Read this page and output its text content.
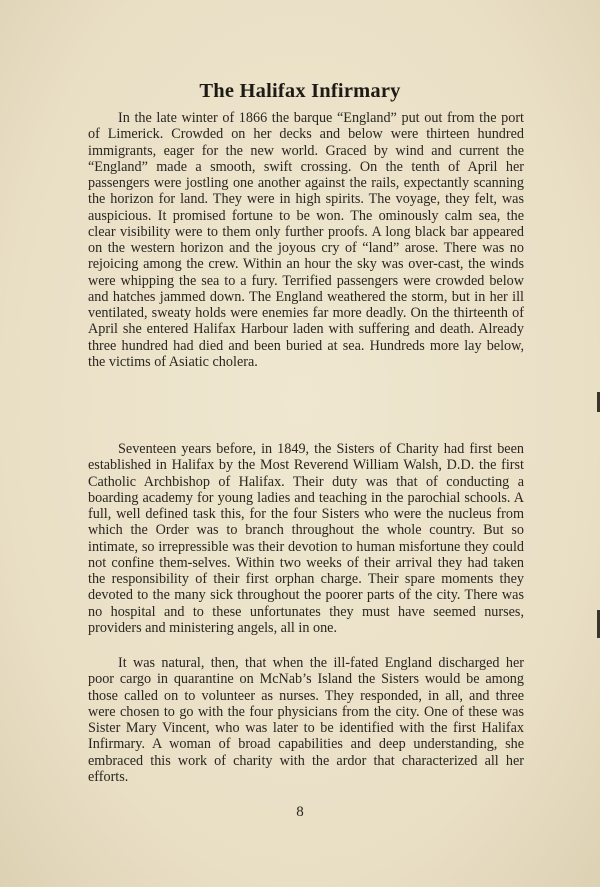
The Halifax Infirmary

In the late winter of 1866 the barque “England” put out from the port of Limerick. Crowded on her decks and below were thirteen hundred immigrants, eager for the new world. Graced by wind and current the “England” made a smooth, swift crossing. On the tenth of April her passengers were jostling one another against the rails, expectantly scanning the horizon for land. They were in high spirits. The voyage, they felt, was auspicious. It promised fortune to be won. The ominously calm sea, the clear visibility were to them only further proofs. A long black bar appeared on the western horizon and the joyous cry of “land” arose. There was no rejoicing among the crew. Within an hour the sky was over-cast, the winds were whipping the sea to a fury. Terrified passengers were crowded below and hatches jammed down. The England weathered the storm, but in her ill ventilated, sweaty holds were enemies far more deadly. On the thirteenth of April she entered Halifax Harbour laden with suffering and death. Already three hundred had died and been buried at sea. Hundreds more lay below, the victims of Asiatic cholera.

Seventeen years before, in 1849, the Sisters of Charity had first been established in Halifax by the Most Reverend William Walsh, D.D. the first Catholic Archbishop of Halifax. Their duty was that of conducting a boarding academy for young ladies and teaching in the parochial schools. A full, well defined task this, for the four Sisters who were the nucleus from which the Order was to branch throughout the whole country. But so intimate, so irrepressible was their devotion to human misfortune they could not confine them-selves. Within two weeks of their arrival they had taken the responsibility of their first orphan charge. Their spare moments they devoted to the many sick throughout the poorer parts of the city. There was no hospital and to these unfortunates they must have seemed nurses, providers and ministering angels, all in one.

It was natural, then, that when the ill-fated England discharged her poor cargo in quarantine on McNab’s Island the Sisters would be among those called on to volunteer as nurses. They responded, in all, and three were chosen to go with the four physicians from the city. One of these was Sister Mary Vincent, who was later to be identified with the first Halifax Infirmary. A woman of broad capabilities and deep understanding, she embraced this work of charity with the ardor that characterized all her efforts.

8
